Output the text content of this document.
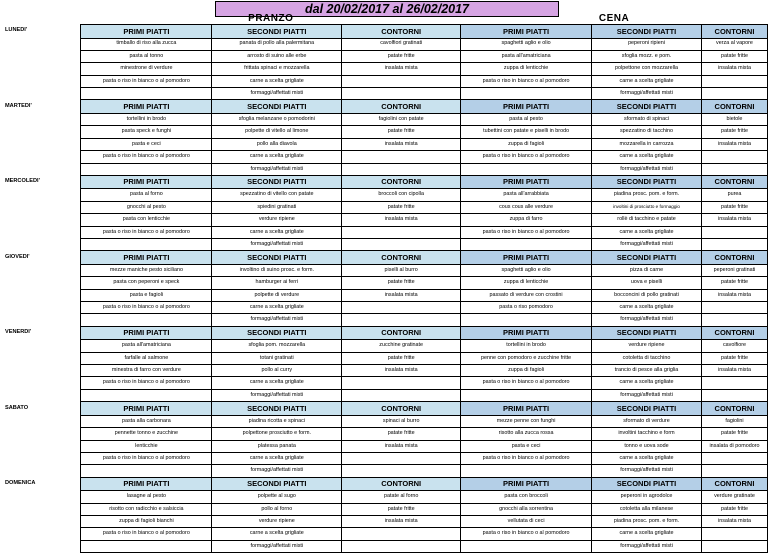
dal 20/02/2017 al 26/02/2017
	PRANZO			CENA		
LUNEDI'	PRIMI PIATTI	SECONDI PIATTI	CONTORNI	PRIMI PIATTI	SECONDI PIATTI	CONTORNI
	timballo di riso alla zucca	panata di pollo alla palermitana	cavolfiori gratinati	spaghetti aglio e olio	peperoni ripieni	verza al vapore
	pasta al tonno	arrosto di suino alle erbe	patate fritte	pasta all'amatriciana	sfoglia mozz. e pom.	patate fritte
	minestrone di verdure	frittata spinaci e mozzarella	insalata mista	zuppa di lenticchie	polpettone con mozzarella	insalata mista
	pasta o riso in bianco o al pomodoro	carne a scelta grigliate		pasta o riso in bianco o al pomodoro	carne a scelta grigliate	
		formaggi/affettati misti			formaggi/affettati misti	
MARTEDI'	PRIMI PIATTI	SECONDI PIATTI	CONTORNI	PRIMI PIATTI	SECONDI PIATTI	CONTORNI
	tortellini in brodo	sfoglia melanzane o pomodorini	fagiolini con patate	pasta al pesto	sformato di spinaci	bietole
	pasta speck e funghi	polpette di vitello al limone	patate fritte	tubettini con patate e piselli in brodo	spezzatino di tacchino	patate fritte
	pasta e ceci	pollo alla diavola	insalata mista	zuppa di fagioli	mozzarella in carrozza	insalata mista
	pasta o riso in bianco o al pomodoro	carne a scelta grigliate		pasta o riso in bianco o al pomodoro	carne a scelta grigliate	
		formaggi/affettati misti			formaggi/affettati misti	
MERCOLEDI'	PRIMI PIATTI	SECONDI PIATTI	CONTORNI	PRIMI PIATTI	SECONDI PIATTI	CONTORNI
	pasta al forno	spezzatino di vitello con patate	broccoli con cipolla	pasta all'arrabbiata	piadina prosc. pom. e form.	purea
	gnocchi al pesto	spiedini gratinati	patate fritte	cous cous alle verdure	involtini di prosciutto e formaggio	patate fritte
	pasta con lenticchie	verdure ripiene	insalata mista	zuppa di farro	rollè di tacchino e patate	insalata mista
	pasta o riso in bianco o al pomodoro	carne a scelta grigliate		pasta o riso in bianco o al pomodoro	carne a scelta grigliate	
		formaggi/affettati misti			formaggi/affettati misti	
GIOVEDI'	PRIMI PIATTI	SECONDI PIATTI	CONTORNI	PRIMI PIATTI	SECONDI PIATTI	CONTORNI
	mezze maniche pesto siciliano	involtino di suino prosc. e form.	piselli al burro	spaghetti aglio e olio	pizza di carne	peperoni gratinati
	pasta con peperoni e speck	hamburger ai ferri	patate fritte	zuppa di lenticchie	uova e piselli	patate fritte
	pasta e fagioli	polpette di verdure	insalata mista	passato di verdure con crostini	bocconcini di pollo gratinati	insalata mista
	pasta o riso in bianco o al pomodoro	carne a scelta grigliate		pasta o riso pomodoro	carne a scelta grigliate	
		formaggi/affettati misti			formaggi/affettati misti	
VENERDI'	PRIMI PIATTI	SECONDI PIATTI	CONTORNI	PRIMI PIATTI	SECONDI PIATTI	CONTORNI
	pasta all'amatriciana	sfoglia pom. mozzarella	zucchine gratinate	tortellini in brodo	verdure ripiene	cavolfiore
	farfalle al salmone	totani gratinati	patate fritte	penne con pomodoro e zucchine fritte	cotoletta di tacchino	patate fritte
	minestra di farro con verdure	pollo al curry	insalata mista	zuppa di fagioli	trancio di pesce alla griglia	insalata mista
	pasta o riso in bianco o al pomodoro	carne a scelta grigliate		pasta o riso in bianco o al pomodoro	carne a scelta grigliate	
		formaggi/affettati misti			formaggi/affettati misti	
SABATO	PRIMI PIATTI	SECONDI PIATTI	CONTORNI	PRIMI PIATTI	SECONDI PIATTI	CONTORNI
	pasta alla carbonara	piadina ricotta e spinaci	spinaci al burro	mezze penne con funghi	sformato di verdure	fagiolini
	pennette tonno e zucchine	polpettone prosciutto e form.	patate fritte	risotto alla zucca rossa	involtini tacchino e form	patate fritte
	lenticchie	platessa panata	insalata mista	pasta e ceci	tonno e uova sode	insalata di pomodoro
	pasta o riso in bianco o al pomodoro	carne a scelta grigliate		pasta o riso in bianco o al pomodoro	carne a scelta grigliate	
		formaggi/affettati misti			formaggi/affettati misti	
DOMENICA	PRIMI PIATTI	SECONDI PIATTI	CONTORNI	PRIMI PIATTI	SECONDI PIATTI	CONTORNI
	lasagne al pesto	polpette al sugo	patate al forno	pasta con broccoli	peperoni in agrodolce	verdure gratinate
	risotto con radicchio e salsiccia	pollo al forno	patate fritte	gnocchi alla sorrentina	cotoletta alla milanese	patate fritte
	zuppa di fagioli bianchi	verdure ripiene	insalata mista	vellutata di ceci	piadina prosc. pom. e form.	insalata mista
	pasta o riso in bianco o al pomodoro	carne a scelta grigliate		pasta o riso in bianco o al pomodoro	carne a scelta grigliate	
		formaggi/affettati misti			formaggi/affettati misti	
